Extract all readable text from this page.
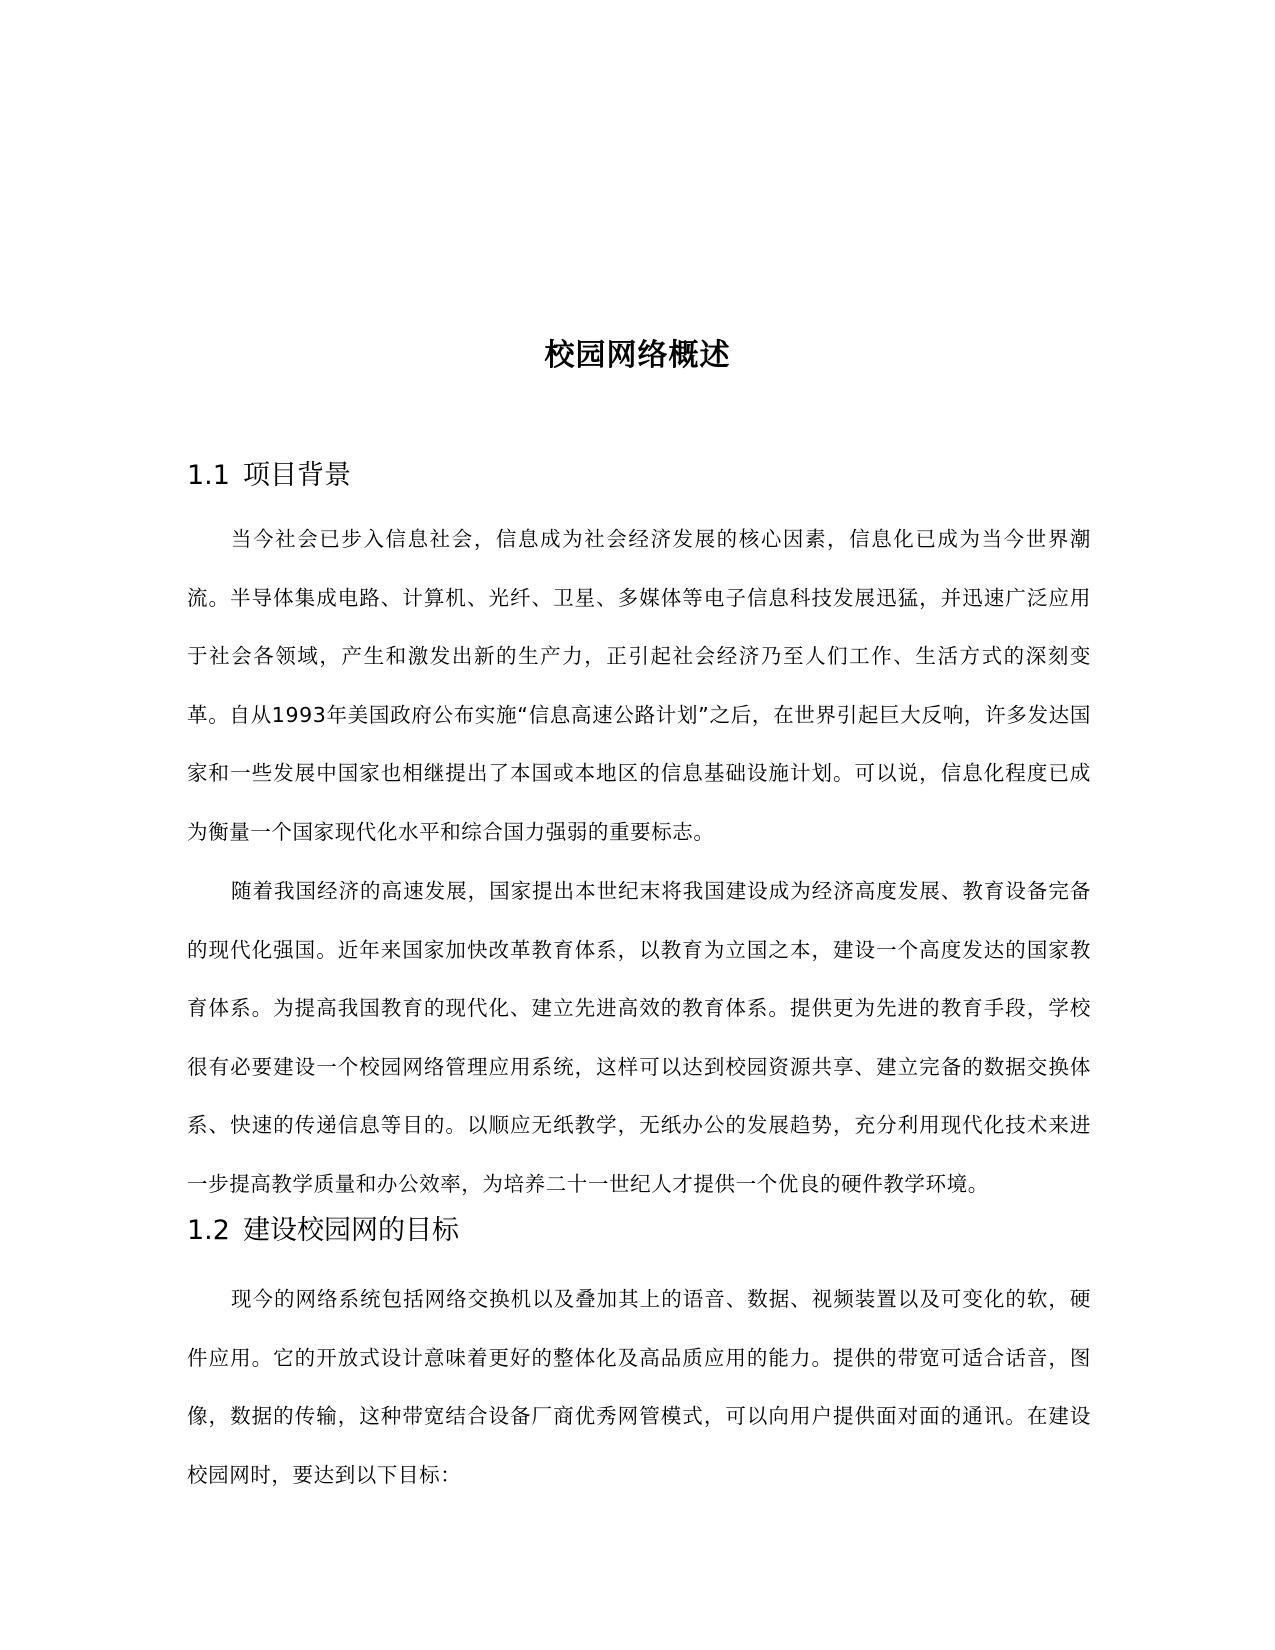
校园网络概述
1.1 项目背景

当今社会已步入信息社会，信息成为社会经济发展的核心因素，信息化已成为当今世界潮流。半导体集成电路、计算机、光纤、卫星、多媒体等电子信息科技发展迅猛，并迅速广泛应用于社会各领域，产生和激发出新的生产力，正引起社会经济乃至人们工作、生活方式的深刻变革。自从1993年美国政府公布实施“信息高速公路计划”之后，在世界引起巨大反响，许多发达国家和一些发展中国家也相继提出了本国或本地区的信息基础设施计划。可以说，信息化程度已成为衡量一个国家现代化水平和综合国力强弱的重要标志。

随着我国经济的高速发展，国家提出本世纪末将我国建设成为经济高度发展、教育设备完备的现代化强国。近年来国家加快改革教育体系，以教育为立国之本，建设一个高度发达的国家教育体系。为提高我国教育的现代化、建立先进高效的教育体系。提供更为先进的教育手段，学校很有必要建设一个校园网络管理应用系统，这样可以达到校园资源共享、建立完备的数据交换体系、快速的传递信息等目的。以顺应无纸教学，无纸办公的发展趋势，充分利用现代化技术来进一步提高教学质量和办公效率，为培养二十一世纪人才提供一个优良的硬件教学环境。

1.2 建设校园网的目标

现今的网络系统包括网络交换机以及叠加其上的语音、数据、视频装置以及可变化的软，硬件应用。它的开放式设计意味着更好的整体化及高品质应用的能力。提供的带宽可适合话音，图像，数据的传输，这种带宽结合设备厂商优秀网管模式，可以向用户提供面对面的通讯。在建设校园网时，要达到以下目标：
